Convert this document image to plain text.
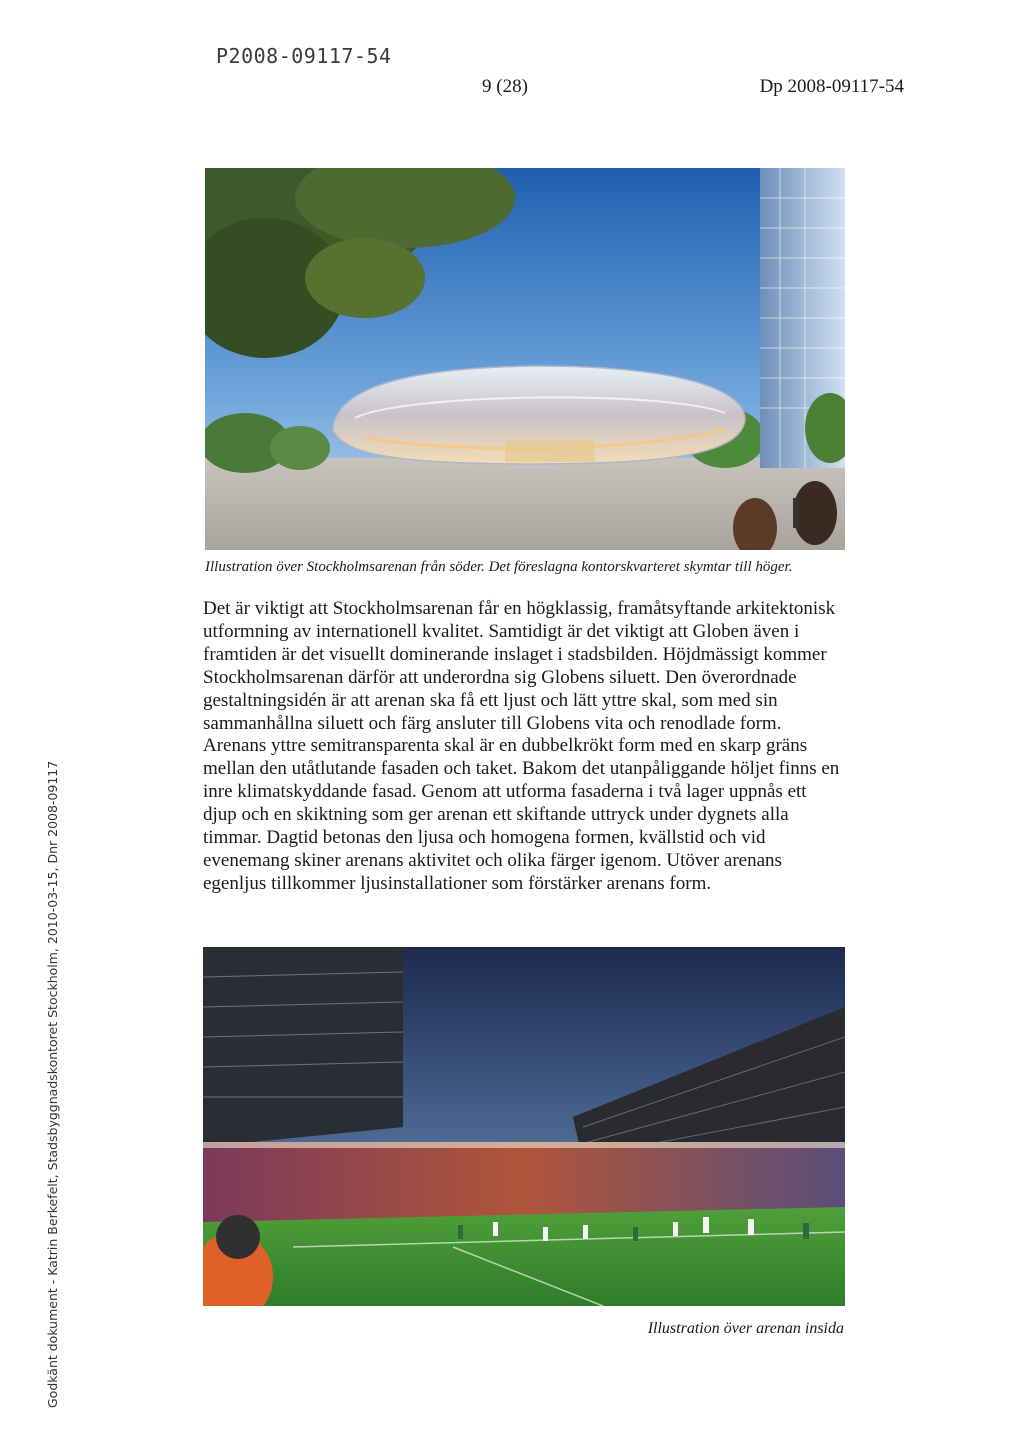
P2008-09117-54
9 (28)	Dp 2008-09117-54
Godkänt dokument - Katrin Berkefelt, Stadsbyggnadskontoret Stockholm, 2010-03-15, Dnr 2008-09117
Illustration över Stockholmsarenan från söder. Det föreslagna kontorskvarteret skymtar till höger.
Det är viktigt att Stockholmsarenan får en högklassig, framåtsyftande arkitektonisk utformning av internationell kvalitet. Samtidigt är det viktigt att Globen även i framtiden är det visuellt dominerande inslaget i stadsbilden. Höjdmässigt kommer Stockholmsarenan därför att underordna sig Globens siluett. Den överordnade gestaltningsidén är att arenan ska få ett ljust och lätt yttre skal, som med sin sammanhållna siluett och färg ansluter till Globens vita och renodlade form. Arenans yttre semitransparenta skal är en dubbelkrökt form med en skarp gräns mellan den utåtlutande fasaden och taket. Bakom det utanpåliggande höljet finns en inre klimatskyddande fasad. Genom att utforma fasaderna i två lager uppnås ett djup och en skiktning som ger arenan ett skiftande uttryck under dygnets alla timmar. Dagtid betonas den ljusa och homogena formen, kvällstid och vid evenemang skiner arenans aktivitet och olika färger igenom. Utöver arenans egenljus tillkommer ljusinstallationer som förstärker arenans form.
Illustration över arenan insida
